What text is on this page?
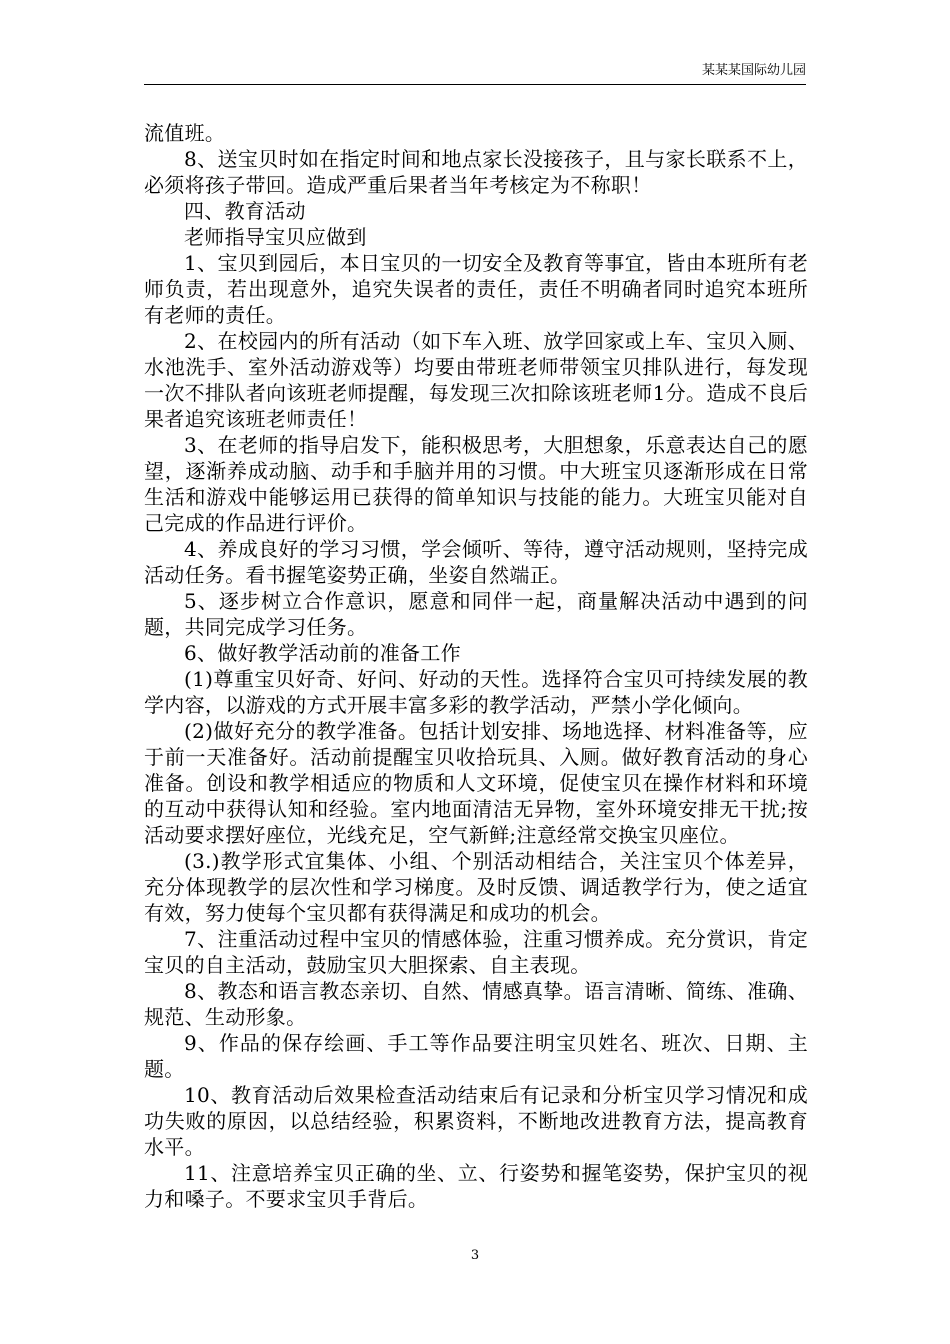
某某某国际幼儿园

流值班。

8、送宝贝时如在指定时间和地点家长没接孩子，且与家长联系不上，必须将孩子带回。造成严重后果者当年考核定为不称职！

四、教育活动

老师指导宝贝应做到

1、宝贝到园后，本日宝贝的一切安全及教育等事宜，皆由本班所有老师负责，若出现意外，追究失误者的责任，责任不明确者同时追究本班所有老师的责任。

2、在校园内的所有活动（如下车入班、放学回家或上车、宝贝入厕、水池洗手、室外活动游戏等）均要由带班老师带领宝贝排队进行，每发现一次不排队者向该班老师提醒，每发现三次扣除该班老师1分。造成不良后果者追究该班老师责任！

3、在老师的指导启发下，能积极思考，大胆想象，乐意表达自己的愿望，逐渐养成动脑、动手和手脑并用的习惯。中大班宝贝逐渐形成在日常生活和游戏中能够运用已获得的简单知识与技能的能力。大班宝贝能对自己完成的作品进行评价。

4、养成良好的学习习惯，学会倾听、等待，遵守活动规则，坚持完成活动任务。看书握笔姿势正确，坐姿自然端正。

5、逐步树立合作意识，愿意和同伴一起，商量解决活动中遇到的问题，共同完成学习任务。

6、做好教学活动前的准备工作

(1)尊重宝贝好奇、好问、好动的天性。选择符合宝贝可持续发展的教学内容，以游戏的方式开展丰富多彩的教学活动，严禁小学化倾向。

(2)做好充分的教学准备。包括计划安排、场地选择、材料准备等，应于前一天准备好。活动前提醒宝贝收拾玩具、入厕。做好教育活动的身心准备。创设和教学相适应的物质和人文环境，促使宝贝在操作材料和环境的互动中获得认知和经验。室内地面清洁无异物，室外环境安排无干扰;按活动要求摆好座位，光线充足，空气新鲜;注意经常交换宝贝座位。

(3.)教学形式宜集体、小组、个别活动相结合，关注宝贝个体差异，充分体现教学的层次性和学习梯度。及时反馈、调适教学行为，使之适宜有效，努力使每个宝贝都有获得满足和成功的机会。

7、注重活动过程中宝贝的情感体验，注重习惯养成。充分赏识，肯定宝贝的自主活动，鼓励宝贝大胆探索、自主表现。

8、教态和语言教态亲切、自然、情感真挚。语言清晰、简练、准确、规范、生动形象。

9、作品的保存绘画、手工等作品要注明宝贝姓名、班次、日期、主题。

10、教育活动后效果检查活动结束后有记录和分析宝贝学习情况和成功失败的原因，以总结经验，积累资料，不断地改进教育方法，提高教育水平。

11、注意培养宝贝正确的坐、立、行姿势和握笔姿势，保护宝贝的视力和嗓子。不要求宝贝手背后。

3
